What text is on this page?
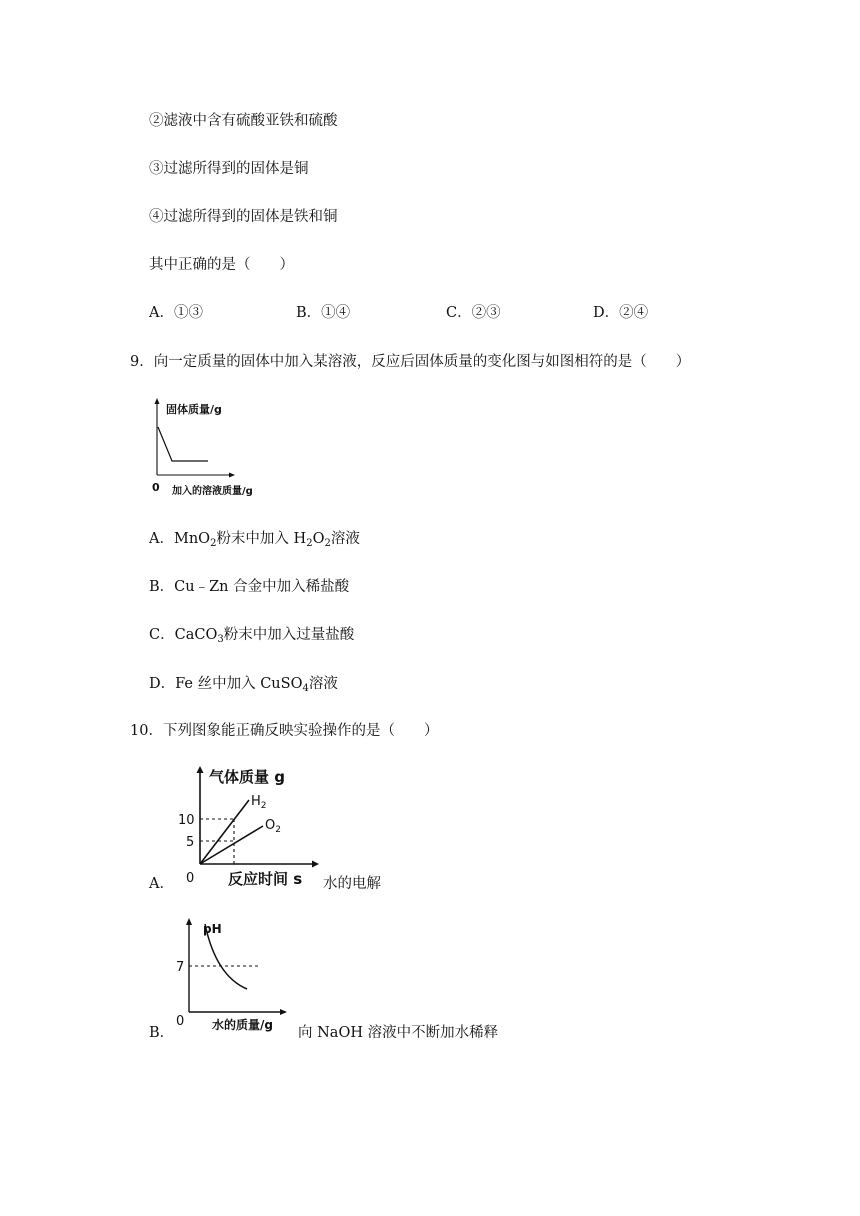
②滤液中含有硫酸亚铁和硫酸
③过滤所得到的固体是铜
④过滤所得到的固体是铁和铜
其中正确的是（　　）
A．①③	B．①④	C．②③	D．②④
9．向一定质量的固体中加入某溶液，反应后固体质量的变化图与如图相符的是（　　）
固体质量/g
0 加入的溶液质量/g
A．MnO$_2$粉末中加入 $H_2O_2$溶液
B．Cu﹣Zn 合金中加入稀盐酸
C．CaCO$_3$粉末中加入过量盐酸
D．Fe 丝中加入 CuSO$_4$溶液
10．下列图象能正确反映实验操作的是（　　）
气体质量 g
10
5
0 反应时间 s
$H_2$
$O_2$
A．	水的电解
pH
7
0 水的质量/g
B．	向 NaOH 溶液中不断加水稀释
